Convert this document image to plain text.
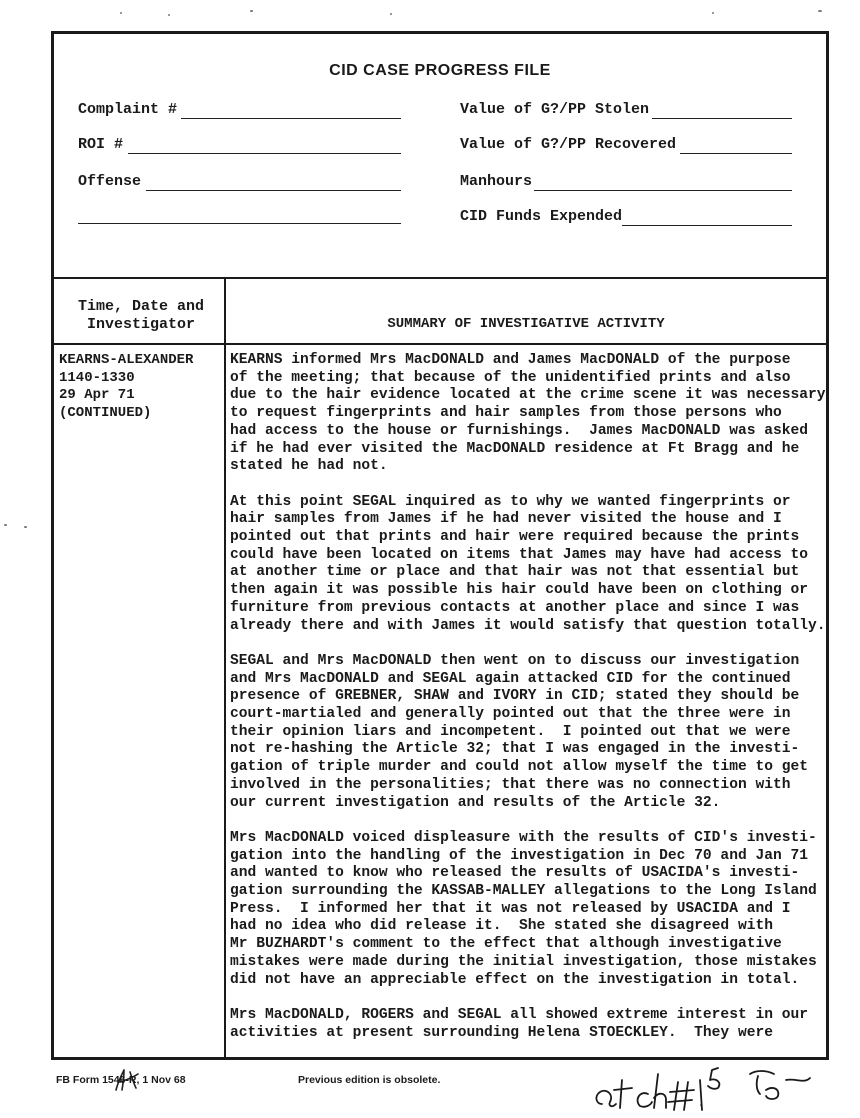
CID CASE PROGRESS FILE
Complaint #
ROI #
Offense
Value of G?/PP Stolen
Value of G?/PP Recovered
Manhours
CID Funds Expended
Time, Date and
Investigator	SUMMARY OF INVESTIGATIVE ACTIVITY
KEARNS-ALEXANDER
1140-1330
29 Apr 71
(CONTINUED)

KEARNS informed Mrs MacDONALD and James MacDONALD of the purpose
of the meeting; that because of the unidentified prints and also
due to the hair evidence located at the crime scene it was necessary
to request fingerprints and hair samples from those persons who
had access to the house or furnishings.  James MacDONALD was asked
if he had ever visited the MacDONALD residence at Ft Bragg and he
stated he had not.

At this point SEGAL inquired as to why we wanted fingerprints or
hair samples from James if he had never visited the house and I
pointed out that prints and hair were required because the prints
could have been located on items that James may have had access to
at another time or place and that hair was not that essential but
then again it was possible his hair could have been on clothing or
furniture from previous contacts at another place and since I was
already there and with James it would satisfy that question totally.

SEGAL and Mrs MacDONALD then went on to discuss our investigation
and Mrs MacDONALD and SEGAL again attacked CID for the continued
presence of GREBNER, SHAW and IVORY in CID; stated they should be
court-martialed and generally pointed out that the three were in
their opinion liars and incompetent.  I pointed out that we were
not re-hashing the Article 32; that I was engaged in the investi-
gation of triple murder and could not allow myself the time to get
involved in the personalities; that there was no connection with
our current investigation and results of the Article 32.

Mrs MacDONALD voiced displeasure with the results of CID's investi-
gation into the handling of the investigation in Dec 70 and Jan 71
and wanted to know who released the results of USACIDA's investi-
gation surrounding the KASSAB-MALLEY allegations to the Long Island
Press.  I informed her that it was not released by USACIDA and I
had no idea who did release it.  She stated she disagreed with
Mr BUZHARDT's comment to the effect that although investigative
mistakes were made during the initial investigation, those mistakes
did not have an appreciable effect on the investigation in total.

Mrs MacDONALD, ROGERS and SEGAL all showed extreme interest in our
activities at present surrounding Helena STOECKLEY.  They were

FB Form 1546-R, 1 Nov 68	Previous edition is obsolete.
